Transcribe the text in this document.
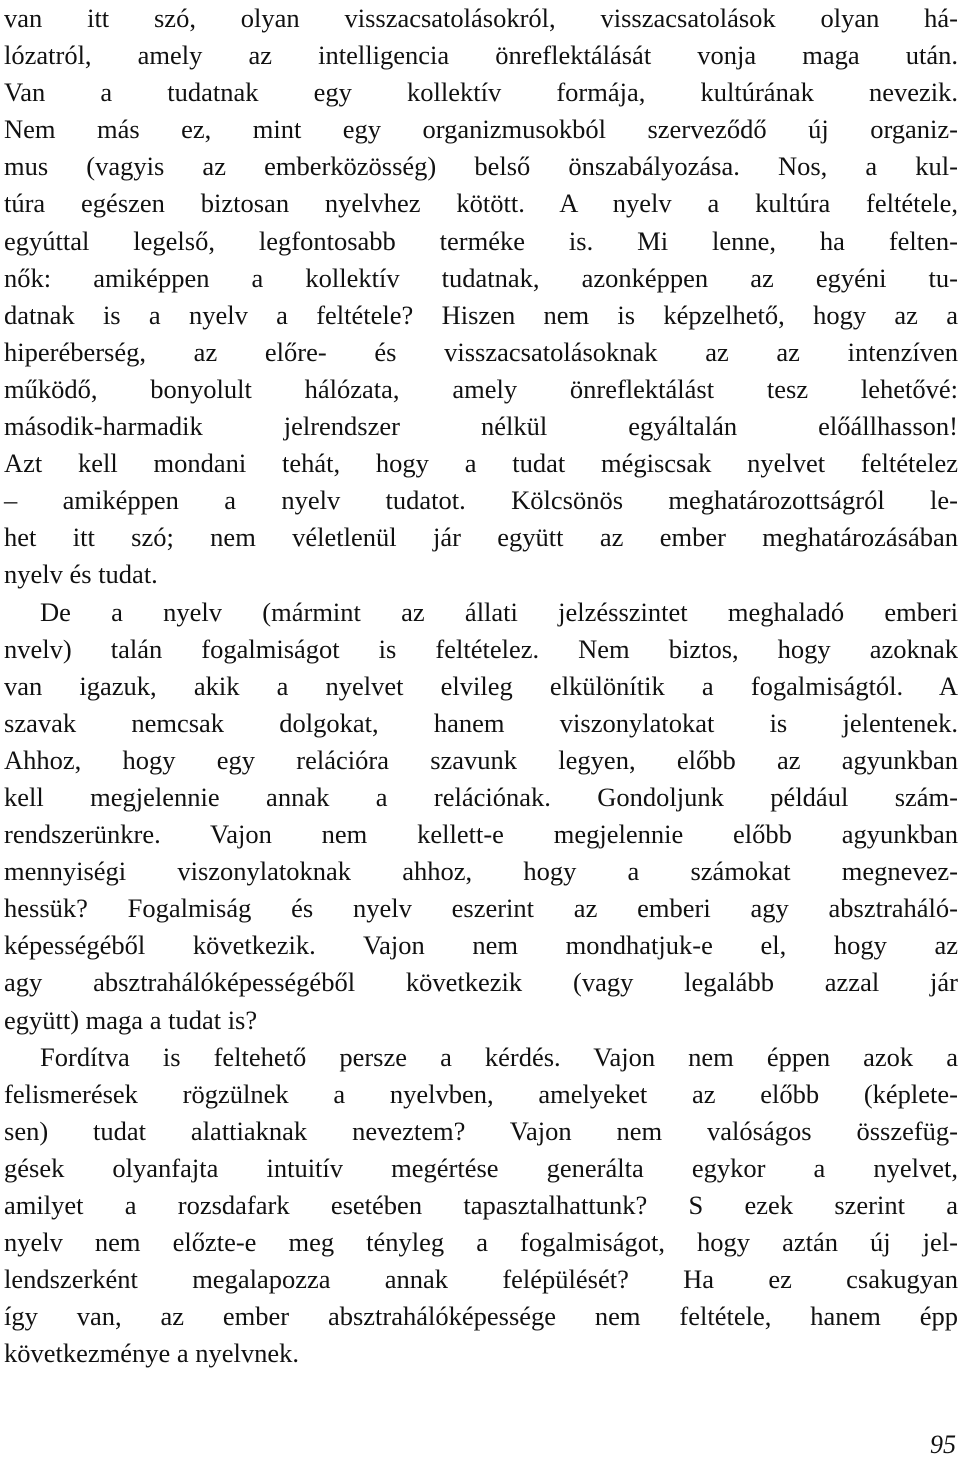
van itt szó, olyan visszacsatolásokról, visszacsatolások olyan há-
lózatról, amely az intelligencia önreflektálását vonja maga után.
Van a tudatnak egy kollektív formája, kultúrának nevezik.
Nem más ez, mint egy organizmusokból szerveződő új organiz-
mus (vagyis az emberközösség) belső önszabályozása. Nos, a kul-
túra egészen biztosan nyelvhez kötött. A nyelv a kultúra feltétele,
egyúttal legelső, legfontosabb terméke is. Mi lenne, ha felten-
nők: amiképpen a kollektív tudatnak, azonképpen az egyéni tu-
datnak is a nyelv a feltétele? Hiszen nem is képzelhető, hogy az a
hiperéberség, az előre- és visszacsatolásoknak az az intenzíven
működő, bonyolult hálózata, amely önreflektálást tesz lehetővé:
második-harmadik jelrendszer nélkül egyáltalán előállhasson!
Azt kell mondani tehát, hogy a tudat mégiscsak nyelvet feltételez
– amiképpen a nyelv tudatot. Kölcsönös meghatározottságról le-
het itt szó; nem véletlenül jár együtt az ember meghatározásában
nyelv és tudat.
De a nyelv (mármint az állati jelzésszintet meghaladó emberi
nvelv) talán fogalmiságot is feltételez. Nem biztos, hogy azoknak
van igazuk, akik a nyelvet elvileg elkülönítik a fogalmiságtól. A
szavak nemcsak dolgokat, hanem viszonylatokat is jelentenek.
Ahhoz, hogy egy relációra szavunk legyen, előbb az agyunkban
kell megjelennie annak a relációnak. Gondoljunk például szám-
rendszerünkre. Vajon nem kellett-e megjelennie előbb agyunkban
mennyiségi viszonylatoknak ahhoz, hogy a számokat megnevez-
hessük? Fogalmiság és nyelv eszerint az emberi agy absztraháló-
képességéből következik. Vajon nem mondhatjuk-e el, hogy az
agy absztrahálóképességéből következik (vagy legalább azzal jár
együtt) maga a tudat is?
Fordítva is feltehető persze a kérdés. Vajon nem éppen azok a
felismerések rögzülnek a nyelvben, amelyeket az előbb (képlete-
sen) tudat alattiaknak neveztem? Vajon nem valóságos összefüg-
gések olyanfajta intuitív megértése generálta egykor a nyelvet,
amilyet a rozsdafark esetében tapasztalhattunk? S ezek szerint a
nyelv nem előzte-e meg tényleg a fogalmiságot, hogy aztán új jel-
lendszerként megalapozza annak felépülését? Ha ez csakugyan
így van, az ember absztrahálóképessége nem feltétele, hanem épp
következménye a nyelvnek.
95
